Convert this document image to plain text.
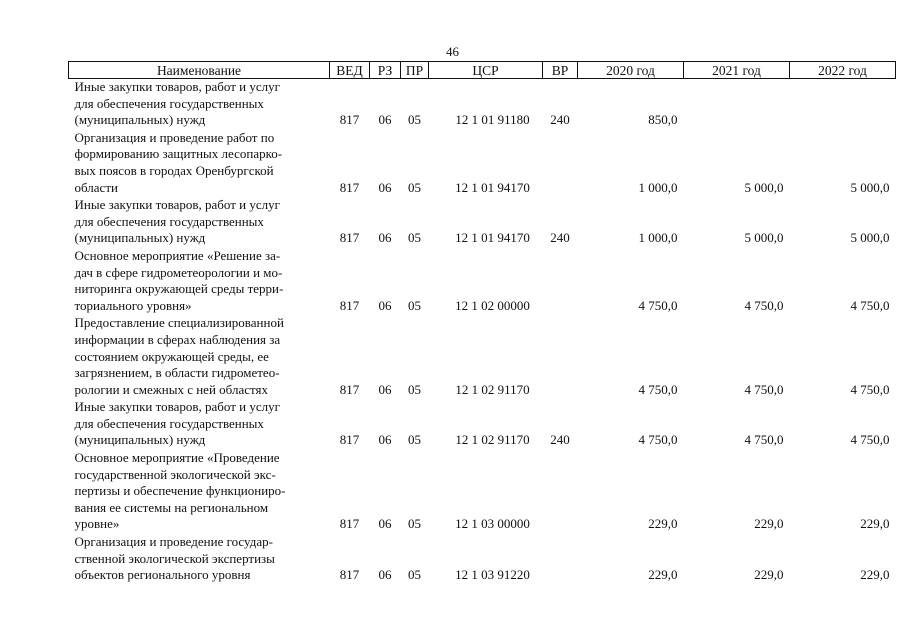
46
Наименование	ВЕД	РЗ	ПР	ЦСР	ВР	2020 год	2021 год	2022 год

Иные закупки товаров, работ и услуг
для обеспечения государственных
(муниципальных) нужд	817	06	05	12 1 01 91180	240	850,0		

Организация и проведение работ по
формированию защитных лесопарко-
вых поясов в городах Оренбургской
области	817	06	05	12 1 01 94170		1 000,0	5 000,0	5 000,0

Иные закупки товаров, работ и услуг
для обеспечения государственных
(муниципальных) нужд	817	06	05	12 1 01 94170	240	1 000,0	5 000,0	5 000,0

Основное мероприятие «Решение за-
дач в сфере гидрометеорологии и мо-
ниторинга окружающей среды терри-
ториального уровня»	817	06	05	12 1 02 00000		4 750,0	4 750,0	4 750,0

Предоставление специализированной
информации в сферах наблюдения за
состоянием окружающей среды, ее
загрязнением, в области гидрометео-
рологии и смежных с ней областях	817	06	05	12 1 02 91170		4 750,0	4 750,0	4 750,0

Иные закупки товаров, работ и услуг
для обеспечения государственных
(муниципальных) нужд	817	06	05	12 1 02 91170	240	4 750,0	4 750,0	4 750,0

Основное мероприятие «Проведение
государственной экологической экс-
пертизы и обеспечение функциониро-
вания ее системы на региональном
уровне»	817	06	05	12 1 03 00000		229,0	229,0	229,0

Организация и проведение государ-
ственной экологической экспертизы
объектов регионального уровня	817	06	05	12 1 03 91220		229,0	229,0	229,0
